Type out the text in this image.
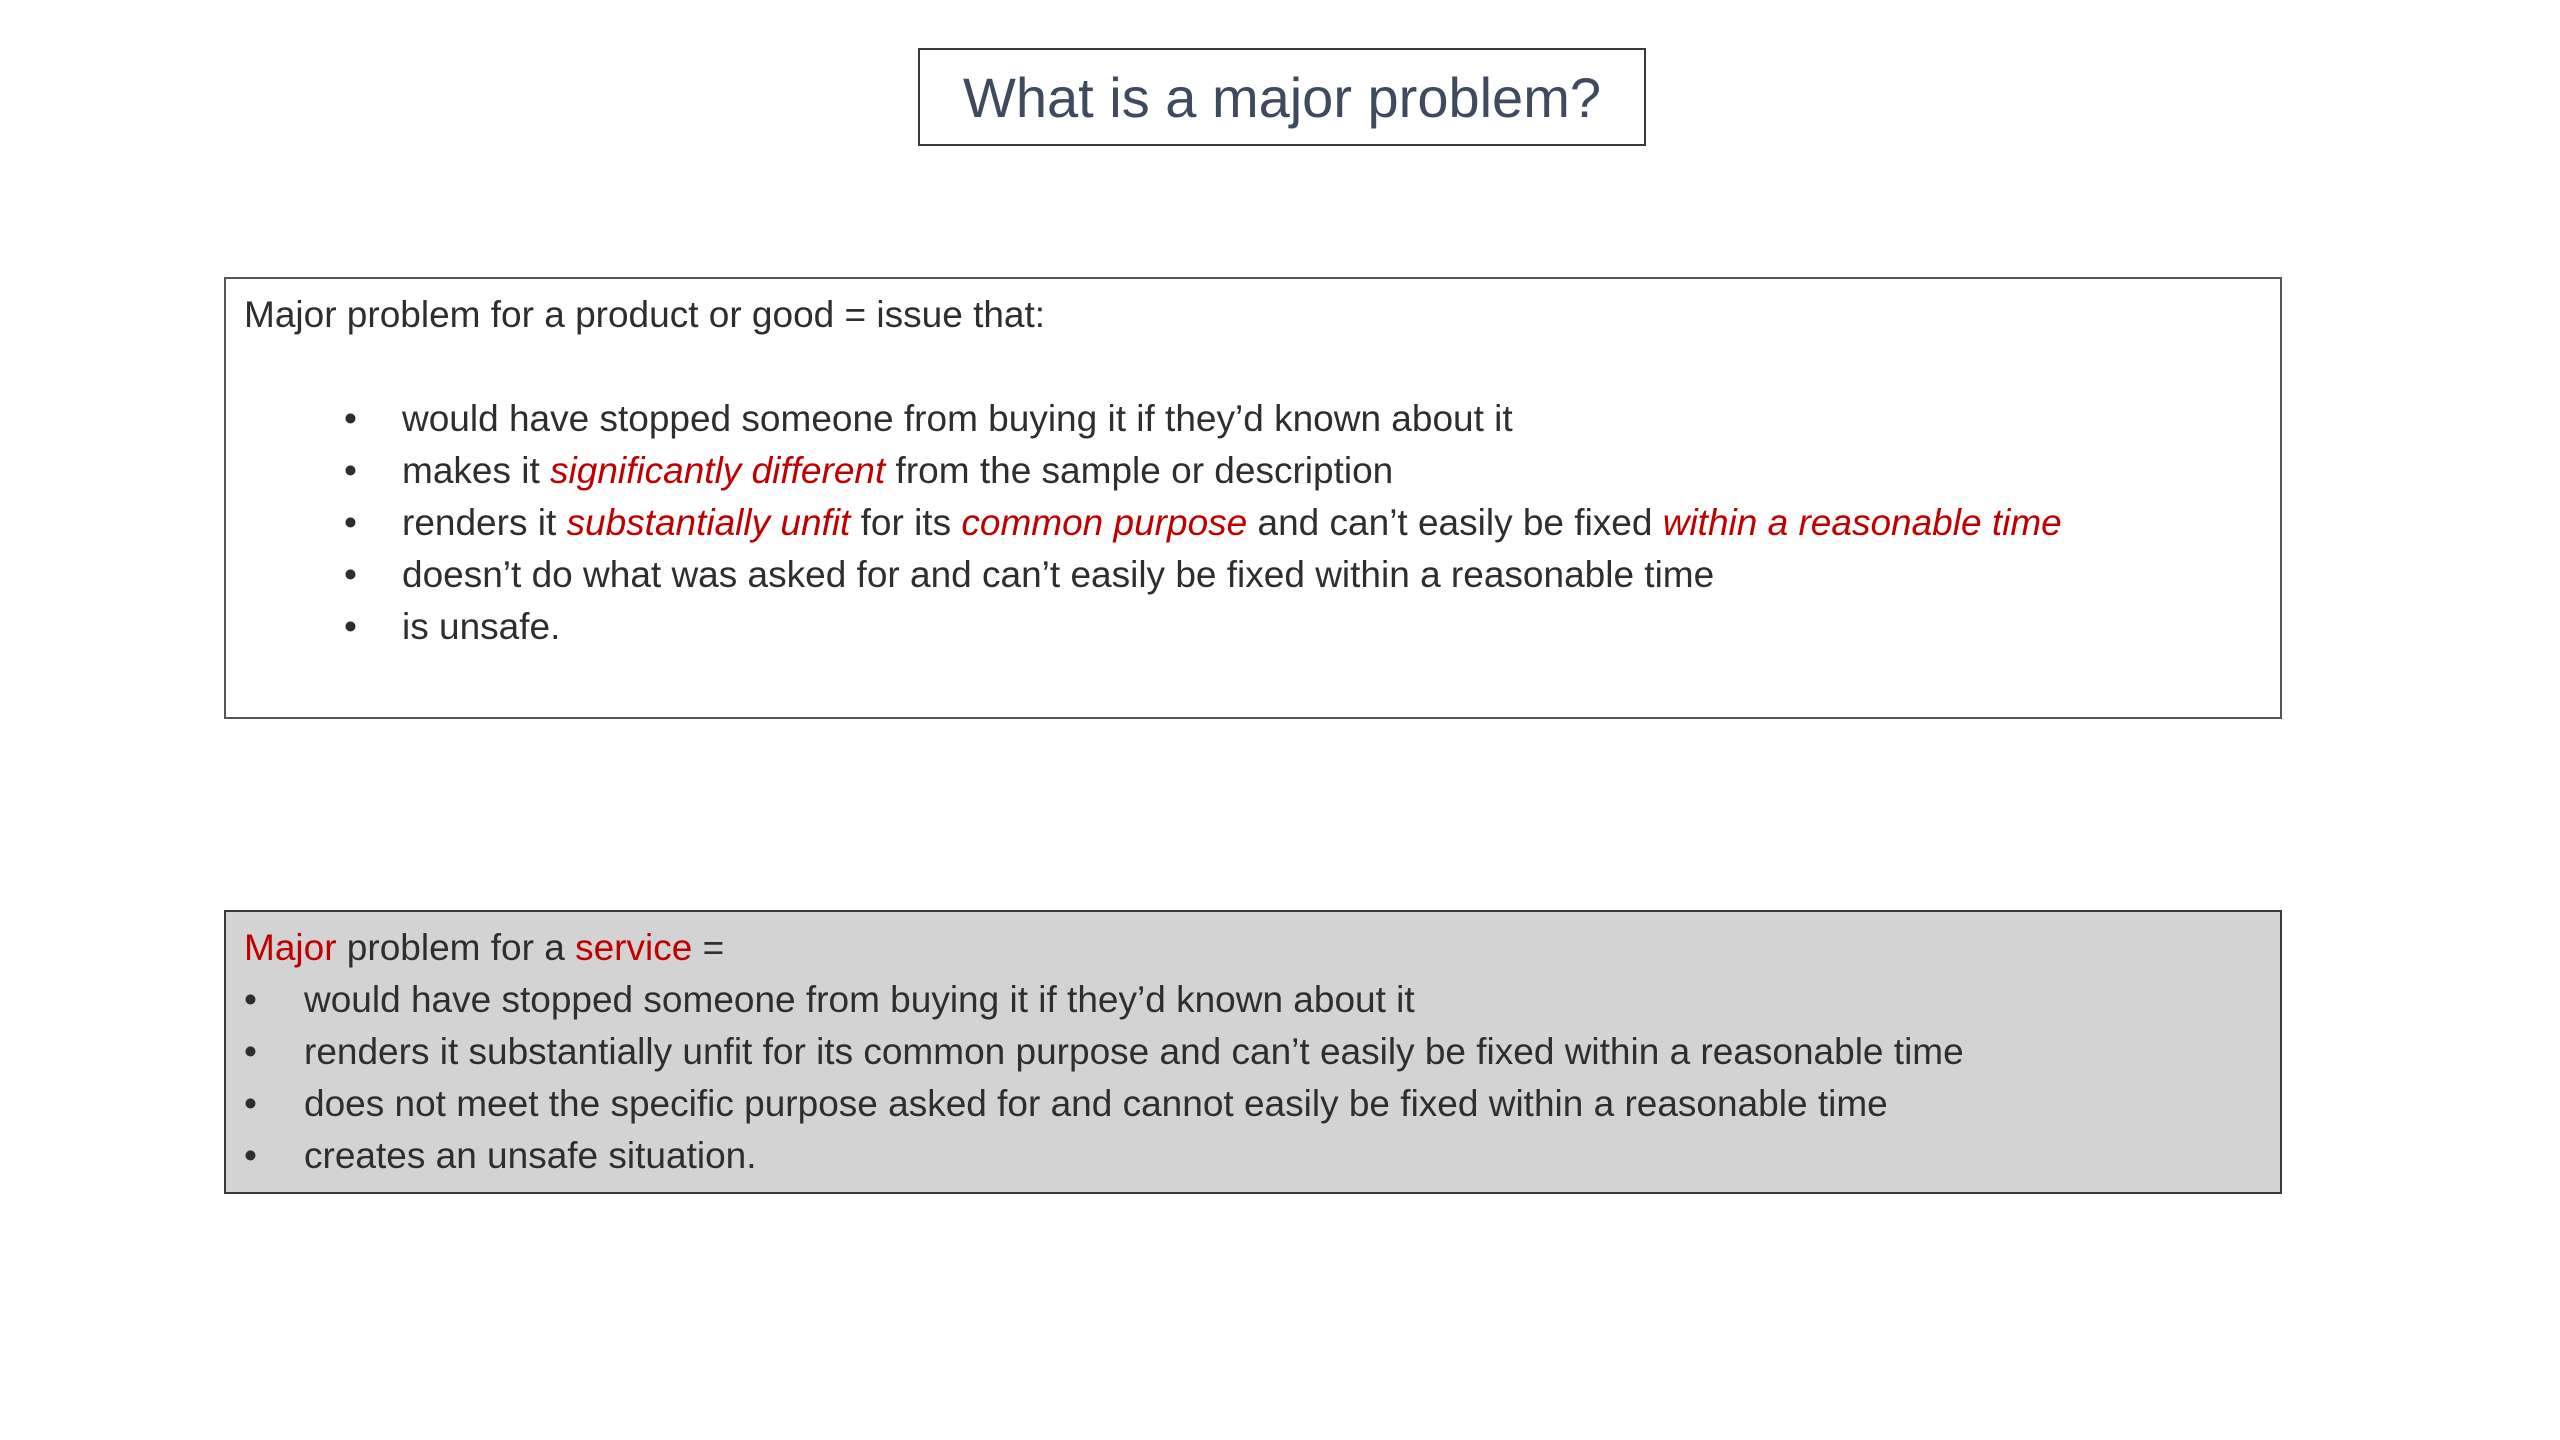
What is a major problem?
Major problem for a product or good = issue that:
• would have stopped someone from buying it if they’d known about it
• makes it significantly different from the sample or description
• renders it substantially unfit for its common purpose and can’t easily be fixed within a reasonable time
• doesn’t do what was asked for and can’t easily be fixed within a reasonable time
• is unsafe.
Major problem for a service =
• would have stopped someone from buying it if they’d known about it
• renders it substantially unfit for its common purpose and can’t easily be fixed within a reasonable time
• does not meet the specific purpose asked for and cannot easily be fixed within a reasonable time
• creates an unsafe situation.
